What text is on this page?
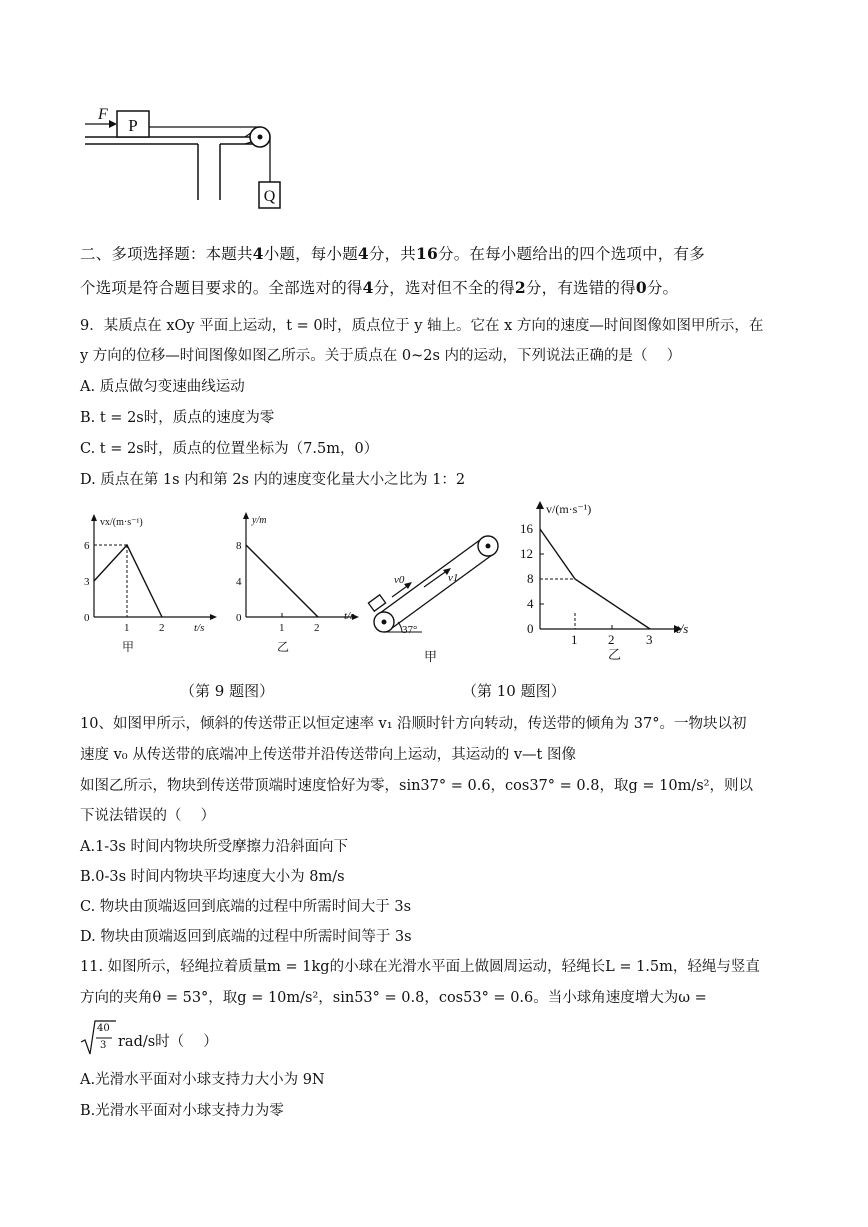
P
F
Q
二、多项选择题：本题共4小题，每小题4分，共16分。在每小题给出的四个选项中，有多
个选项是符合题目要求的。全部选对的得4分，选对但不全的得2分，有选错的得0分。
9．某质点在 xOy 平面上运动，t = 0时，质点位于 y 轴上。它在 x 方向的速度—时间图像如图甲所示，在
y 方向的位移—时间图像如图乙所示。关于质点在 0~2s 内的运动，下列说法正确的是（　 ）
A. 质点做匀变速曲线运动
B. t = 2s时，质点的速度为零
C. t = 2s时，质点的位置坐标为（7.5m，0）
D. 质点在第 1s 内和第 2s 内的速度变化量大小之比为 1：2
vx/(m·s⁻¹)
6
3
0
1	2	t/s
甲
y/m
8
4
0
1	2
t/s
乙
v0	v1
37°
甲
v/(m·s⁻¹)
16
12
8
4
0
1 2 3
t/s
乙
（第 9 题图）	（第 10 题图）
10、如图甲所示，倾斜的传送带正以恒定速率 v₁ 沿顺时针方向转动，传送带的倾角为 37°。一物块以初
速度 v₀ 从传送带的底端冲上传送带并沿传送带向上运动，其运动的 v—t 图像
如图乙所示，物块到传送带顶端时速度恰好为零，sin37° = 0.6，cos37° = 0.8，取g = 10m/s²，则以
下说法错误的（　 ）
A.1-3s 时间内物块所受摩擦力沿斜面向下
B.0-3s 时间内物块平均速度大小为 8m/s
C. 物块由顶端返回到底端的过程中所需时间大于 3s
D. 物块由顶端返回到底端的过程中所需时间等于 3s
11. 如图所示，轻绳拉着质量m = 1kg的小球在光滑水平面上做圆周运动，轻绳长L = 1.5m，轻绳与竖直
方向的夹角θ = 53°，取g = 10m/s²，sin53° = 0.8，cos53° = 0.6。当小球角速度增大为ω =
40
3 rad/s时（　 ）
A.光滑水平面对小球支持力大小为 9N
B.光滑水平面对小球支持力为零
